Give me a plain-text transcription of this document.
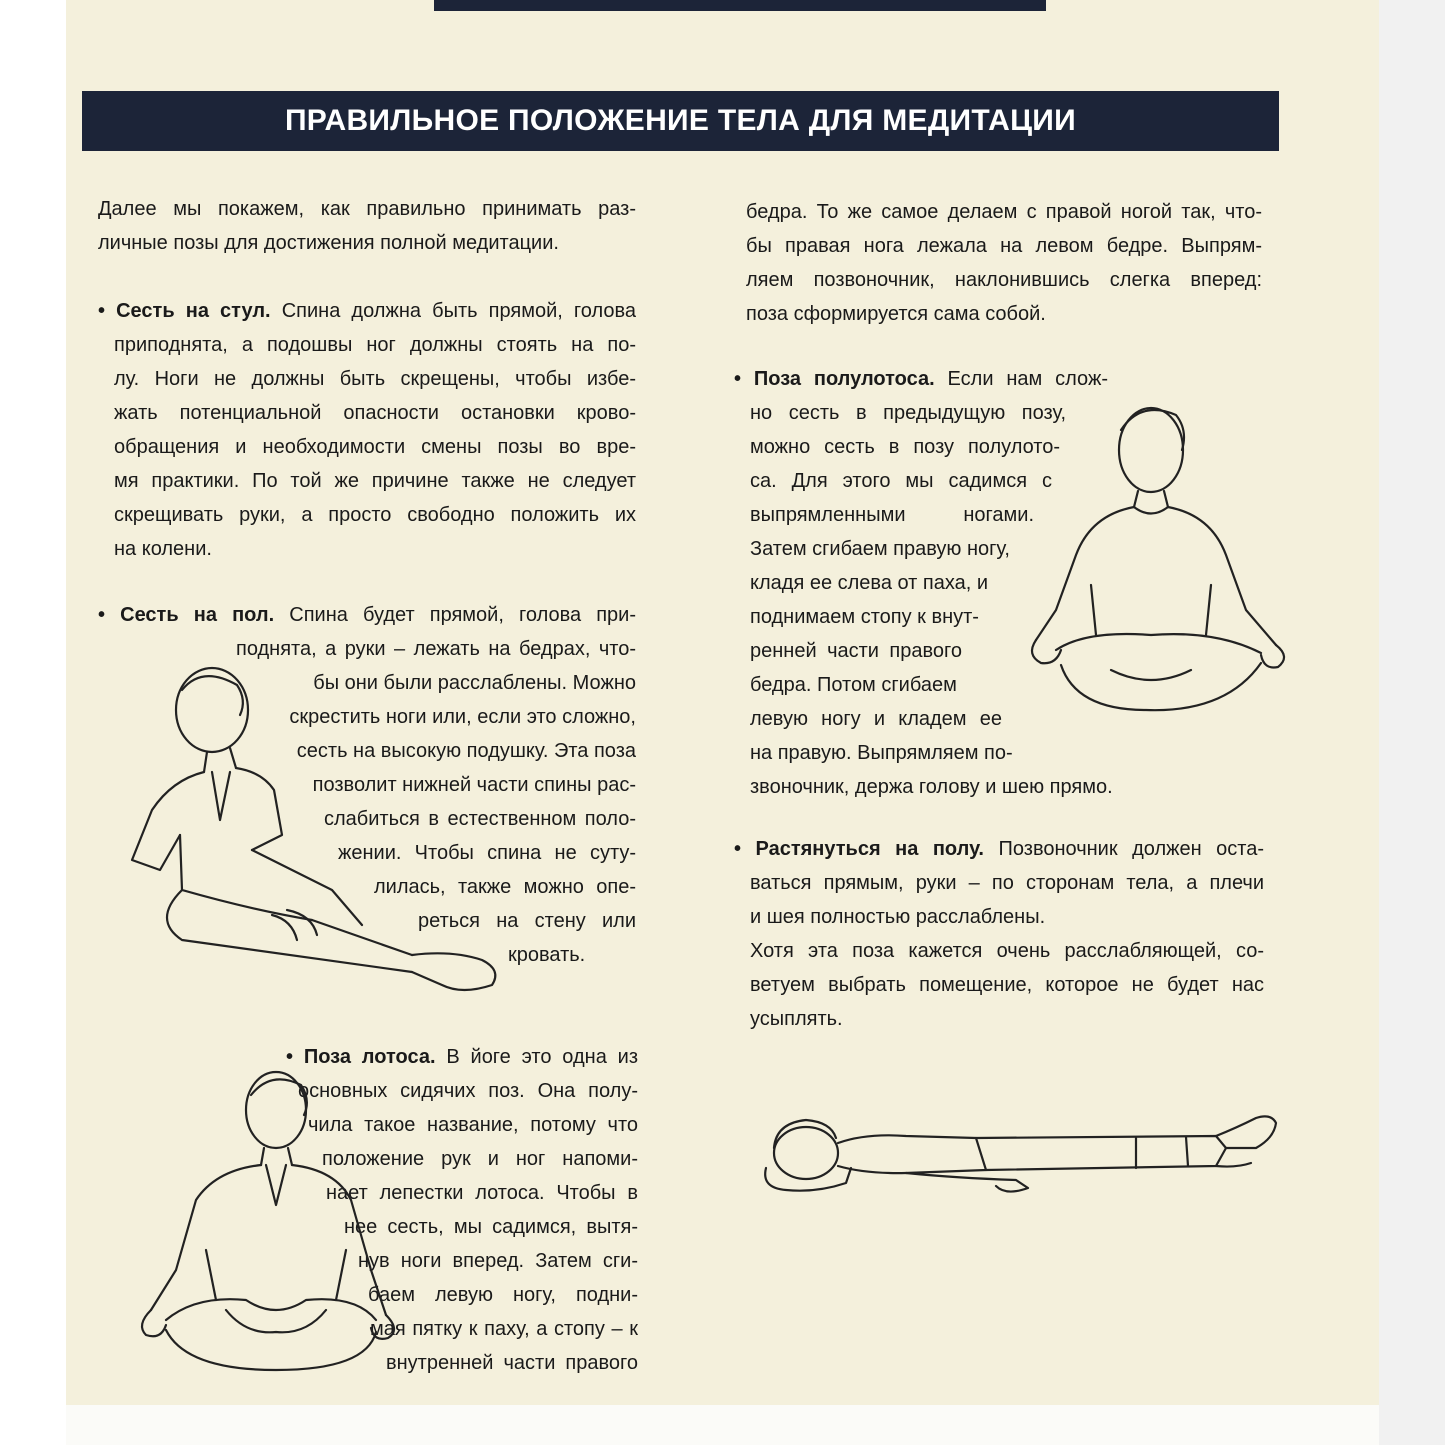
ПРАВИЛЬНОЕ ПОЛОЖЕНИЕ ТЕЛА ДЛЯ МЕДИТАЦИИ
Далее мы покажем, как правильно принимать раз-
личные позы для достижения полной медитации.
• Сесть на стул. Спина должна быть прямой, голова
приподнята, а подошвы ног должны стоять на по-
лу. Ноги не должны быть скрещены, чтобы избе-
жать потенциальной опасности остановки крово-
обращения и необходимости смены позы во вре-
мя практики. По той же причине также не следует
скрещивать руки, а просто свободно положить их
на колени.
• Сесть на пол. Спина будет прямой, голова при-
поднята, а руки – лежать на бедрах, что-
бы они были расслаблены. Можно
скрестить ноги или, если это сложно,
сесть на высокую подушку. Эта поза
позволит нижней части спины рас-
слабиться в естественном поло-
жении. Чтобы спина не суту-
лилась, также можно опе-
реться на стену или
кровать.
• Поза лотоса. В йоге это одна из
основных сидячих поз. Она полу-
чила такое название, потому что
положение рук и ног напоми-
нает лепестки лотоса. Чтобы в
нее сесть, мы садимся, вытя-
нув ноги вперед. Затем сги-
баем левую ногу, подни-
мая пятку к паху, а стопу – к
внутренней части правого
бедра. То же самое делаем с правой ногой так, что-
бы правая нога лежала на левом бедре. Выпрям-
ляем позвоночник, наклонившись слегка вперед:
поза сформируется сама собой.
• Поза полулотоса. Если нам слож-
но сесть в предыдущую позу,
можно сесть в позу полулото-
са. Для этого мы садимся с
выпрямленными ногами.
Затем сгибаем правую ногу,
кладя ее слева от паха, и
поднимаем стопу к внут-
ренней части правого
бедра. Потом сгибаем
левую ногу и кладем ее
на правую. Выпрямляем по-
звоночник, держа голову и шею прямо.
• Растянуться на полу. Позвоночник должен оста-
ваться прямым, руки – по сторонам тела, а плечи
и шея полностью расслаблены.
Хотя эта поза кажется очень расслабляющей, со-
ветуем выбрать помещение, которое не будет нас
усыплять.
